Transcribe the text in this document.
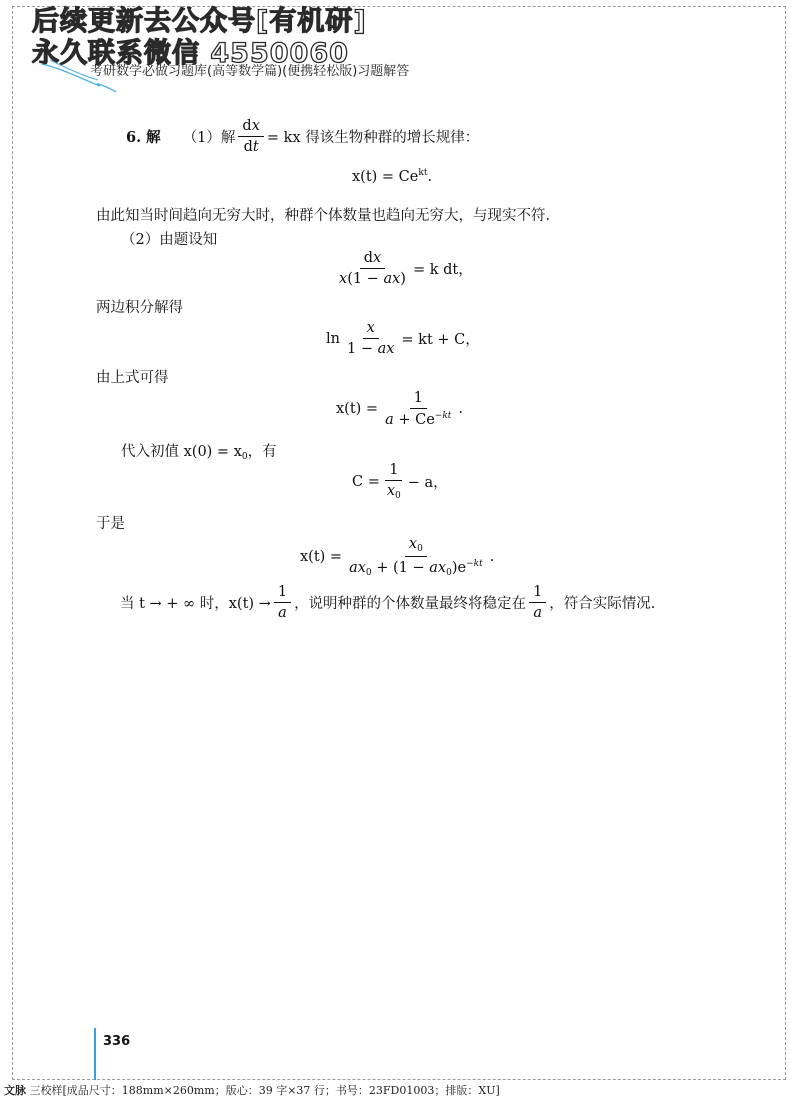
后续更新去公众号[有机研]
永久联系微信 4550060
考研数学必做习题库(高等数学篇)(便携轻松版)习题解答
6. 解 （1）解 $\frac{dx}{dt}$ = kx 得该生物种群的增长规律：
$x(t) = Ce^{kt}$.
由此知当时间趋向无穷大时，种群个体数量也趋向无穷大，与现实不符.
（2）由题设知
$\frac{dx}{x(1 - ax)} = k$ dt，
两边积分解得
$\ln \frac{x}{1 - ax}$ = kt + C，
由上式可得
$x(t) = \frac{1}{a + Ce^{-kt}}$ .
代入初值 $x(0) = x_0$，有
$C = \frac{1}{x_0} - a$，
于是
$x(t) = \frac{x_0}{ax_0 + (1 - ax_0)e^{-kt}}$ .
当 t → + ∞ 时，$x(t) \to \frac{1}{a}$ ，说明种群的个体数量最终将稳定在 $\frac{1}{a}$ ，符合实际情况.
336
文脉 三校样[成品尺寸：188mm×260mm；版心：39 字×37 行；书号：23FD01003；排版：XU]
